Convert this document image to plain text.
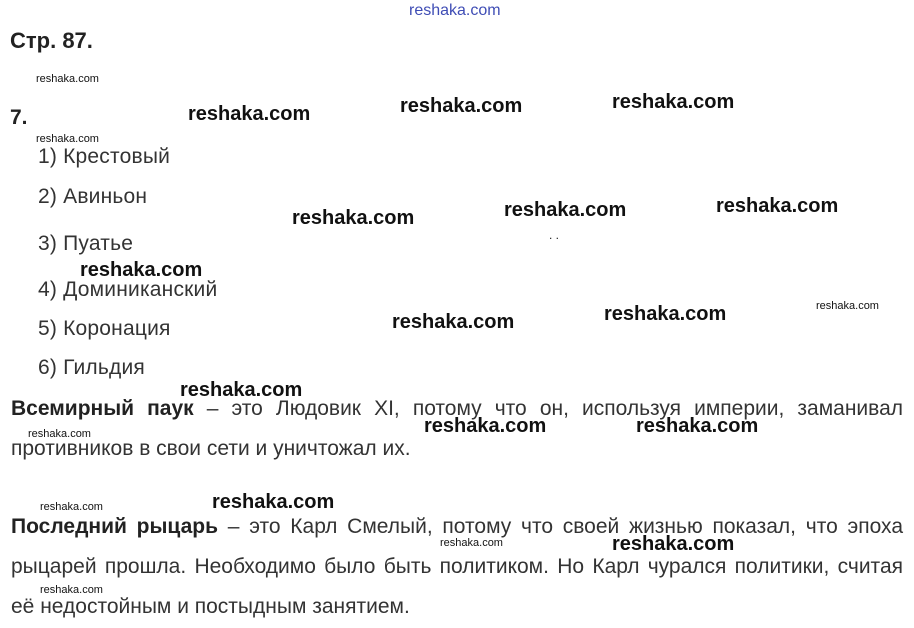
reshaka.com
Стр. 87.
7.
1) Крестовый
2) Авиньон
3) Пуатье
4) Доминиканский
5) Коронация
6) Гильдия

Всемирный паук – это Людовик XI, потому что он, используя империи, заманивал противников в свои сети и уничтожал их.

Последний рыцарь – это Карл Смелый, потому что своей жизнью показал, что эпоха рыцарей прошла. Необходимо было быть политиком. Но Карл чурался политики, считая её недостойным и постыдным занятием.

. .
reshaka.com
reshaka.com
reshaka.com	reshaka.com	reshaka.com
reshaka.com	reshaka.com	reshaka.com
reshaka.com
reshaka.com	reshaka.com	reshaka.com
reshaka.com
reshaka.com	reshaka.com	reshaka.com
reshaka.com	reshaka.com
reshaka.com	reshaka.com
reshaka.com
